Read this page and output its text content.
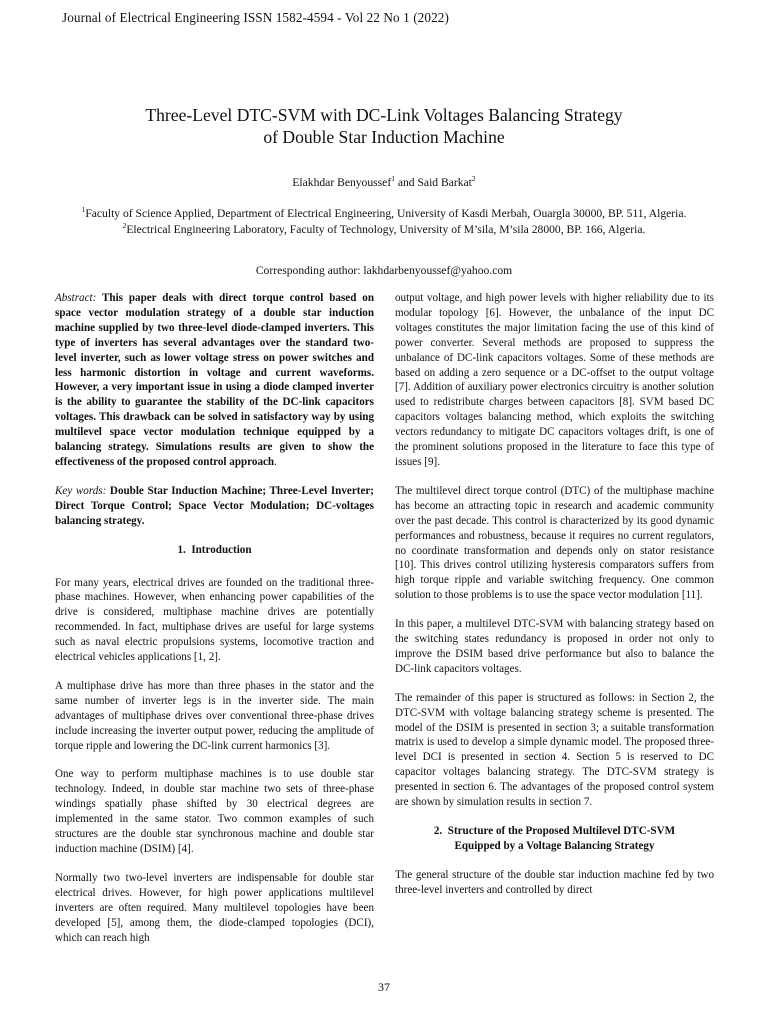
Journal of Electrical Engineering ISSN 1582-4594 - Vol 22 No 1 (2022)
Three-Level DTC-SVM with DC-Link Voltages Balancing Strategy
of Double Star Induction Machine
Elakhdar Benyoussef$^1$ and Said Barkat$^2$
$^1$Faculty of Science Applied, Department of Electrical Engineering, University of Kasdi Merbah, Ouargla 30000, BP. 511, Algeria.
$^2$Electrical Engineering Laboratory, Faculty of Technology, University of M’sila, M’sila 28000, BP. 166, Algeria.
Corresponding author: lakhdarbenyoussef@yahoo.com

Abstract: This paper deals with direct torque control based on space vector modulation strategy of a double star induction machine supplied by two three-level diode-clamped inverters. This type of inverters has several advantages over the standard two-level inverter, such as lower voltage stress on power switches and less harmonic distortion in voltage and current waveforms. However, a very important issue in using a diode clamped inverter is the ability to guarantee the stability of the DC-link capacitors voltages. This drawback can be solved in satisfactory way by using multilevel space vector modulation technique equipped by a balancing strategy. Simulations results are given to show the effectiveness of the proposed control approach.

Key words: Double Star Induction Machine; Three-Level Inverter; Direct Torque Control; Space Vector Modulation; DC-voltages balancing strategy.

1.  Introduction

For many years, electrical drives are founded on the traditional three-phase machines. However, when enhancing power capabilities of the drive is considered, multiphase machine drives are potentially recommended. In fact, multiphase drives are useful for large systems such as naval electric propulsions systems, locomotive traction and electrical vehicles applications [1, 2].

A multiphase drive has more than three phases in the stator and the same number of inverter legs is in the inverter side. The main advantages of multiphase drives over conventional three-phase drives include increasing the inverter output power, reducing the amplitude of torque ripple and lowering the DC-link current harmonics [3].

One way to perform multiphase machines is to use double star technology. Indeed, in double star machine two sets of three-phase windings spatially phase shifted by 30 electrical degrees are implemented in the same stator. Two common examples of such structures are the double star synchronous machine and double star induction machine (DSIM) [4].

Normally two two-level inverters are indispensable for double star electrical drives. However, for high power applications multilevel inverters are often required. Many multilevel topologies have been developed [5], among them, the diode-clamped topologies (DCI), which can reach high

output voltage, and high power levels with higher reliability due to its modular topology [6]. However, the unbalance of the input DC voltages constitutes the major limitation facing the use of this kind of power converter. Several methods are proposed to suppress the unbalance of DC-link capacitors voltages. Some of these methods are based on adding a zero sequence or a DC-offset to the output voltage [7]. Addition of auxiliary power electronics circuitry is another solution used to redistribute charges between capacitors [8]. SVM based DC capacitors voltages balancing method, which exploits the switching vectors redundancy to mitigate DC capacitors voltages drift, is one of the prominent solutions proposed in the literature to face this type of issues [9].

The multilevel direct torque control (DTC) of the multiphase machine has become an attracting topic in research and academic community over the past decade. This control is characterized by its good dynamic performances and robustness, because it requires no current regulators, no coordinate transformation and depends only on stator resistance [10]. This drives control utilizing hysteresis comparators suffers from high torque ripple and variable switching frequency. One common solution to those problems is to use the space vector modulation [11].

In this paper, a multilevel DTC-SVM with balancing strategy based on the switching states redundancy is proposed in order not only to improve the DSIM based drive performance but also to balance the DC-link capacitors voltages.

The remainder of this paper is structured as follows: in Section 2, the DTC-SVM with voltage balancing strategy scheme is presented. The model of the DSIM is presented in section 3; a suitable transformation matrix is used to develop a simple dynamic model. The proposed three-level DCI is presented in section 4. Section 5 is reserved to DC capacitor voltages balancing strategy. The DTC-SVM strategy is presented in section 6. The advantages of the proposed control system are shown by simulation results in section 7.

2.  Structure of the Proposed Multilevel DTC-SVM
Equipped by a Voltage Balancing Strategy

The general structure of the double star induction machine fed by two three-level inverters and controlled by direct

37
